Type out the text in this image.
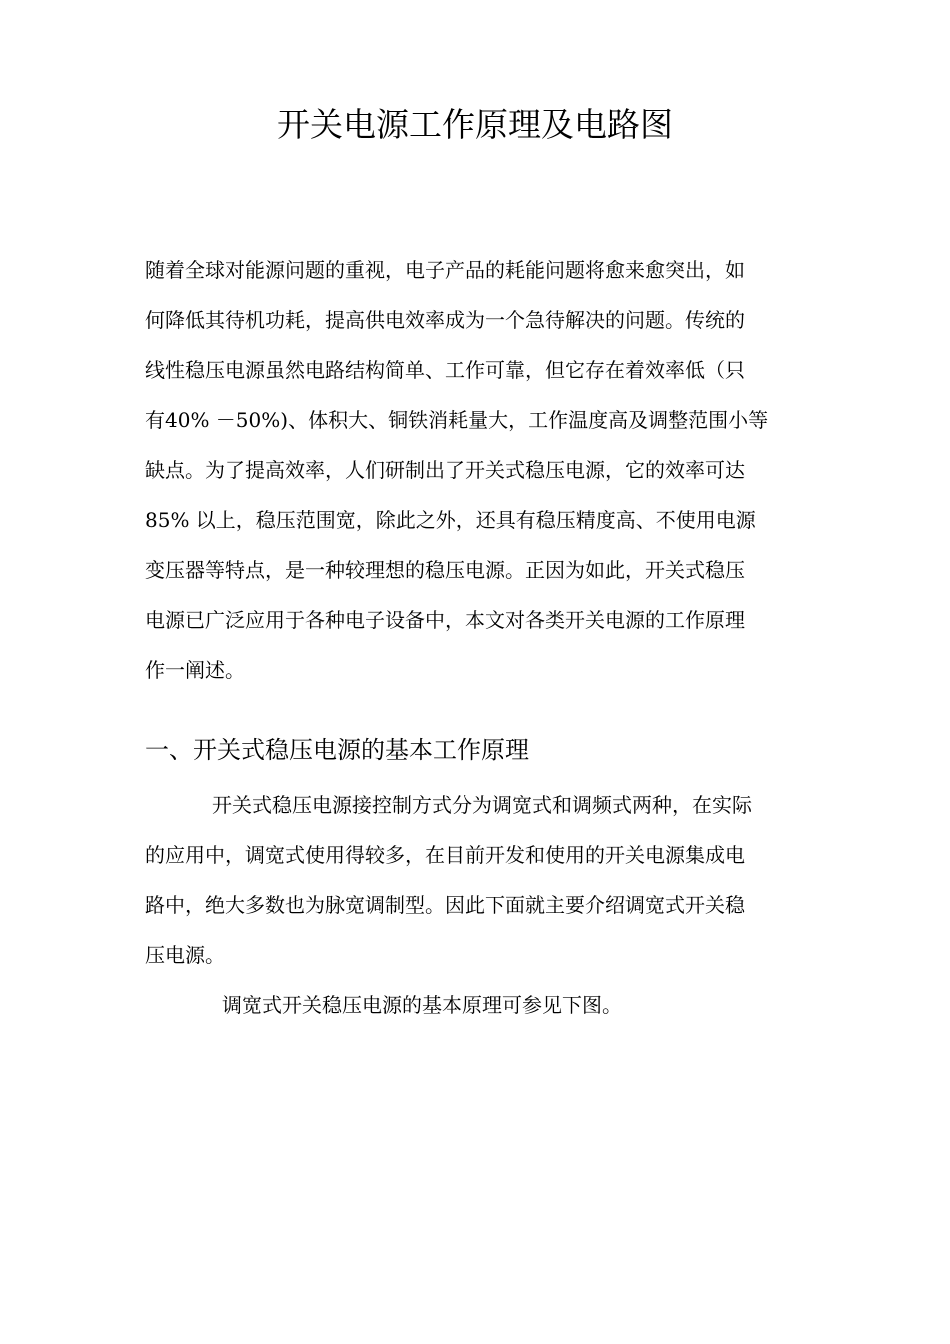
开关电源工作原理及电路图
随着全球对能源问题的重视，电子产品的耗能问题将愈来愈突出，如
何降低其待机功耗，提高供电效率成为一个急待解决的问题。传统的
线性稳压电源虽然电路结构简单、工作可靠，但它存在着效率低（只
有40% －50%)、体积大、铜铁消耗量大，工作温度高及调整范围小等
缺点。为了提高效率，人们研制出了开关式稳压电源，它的效率可达
85% 以上，稳压范围宽，除此之外，还具有稳压精度高、不使用电源
变压器等特点，是一种较理想的稳压电源。正因为如此，开关式稳压
电源已广泛应用于各种电子设备中，本文对各类开关电源的工作原理
作一阐述。
一、开关式稳压电源的基本工作原理
开关式稳压电源接控制方式分为调宽式和调频式两种，在实际
的应用中，调宽式使用得较多，在目前开发和使用的开关电源集成电
路中，绝大多数也为脉宽调制型。因此下面就主要介绍调宽式开关稳
压电源。
调宽式开关稳压电源的基本原理可参见下图。
